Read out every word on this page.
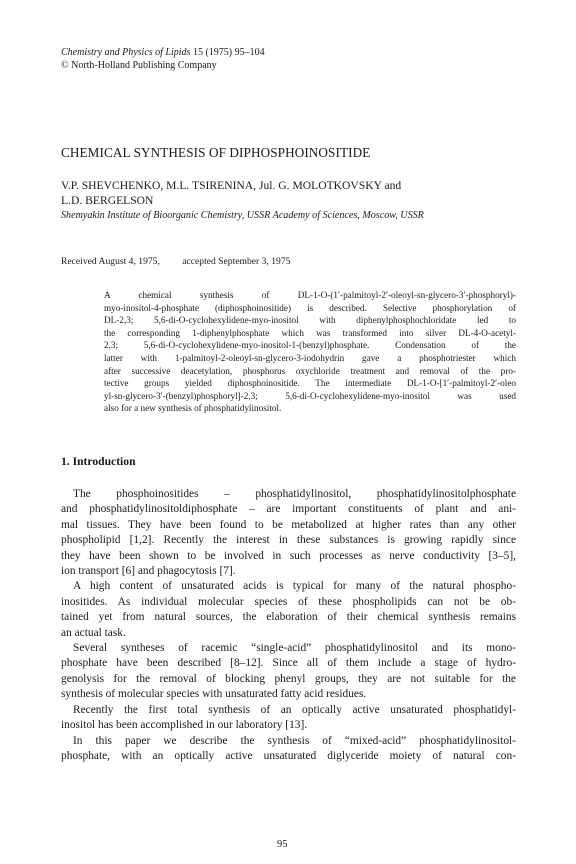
Chemistry and Physics of Lipids 15 (1975) 95–104
© North-Holland Publishing Company
CHEMICAL SYNTHESIS OF DIPHOSPHOINOSITIDE
V.P. SHEVCHENKO, M.L. TSIRENINA, Jul. G. MOLOTKOVSKY and
L.D. BERGELSON
Shemyakin Institute of Bioorganic Chemistry, USSR Academy of Sciences, Moscow, USSR
Received August 4, 1975, accepted September 3, 1975
A chemical synthesis of DL-1-O-(1′-palmitoyl-2′-oleoyl-sn-glycero-3′-phosphoryl)-
myo-inositol-4-phosphate (diphosphoinositide) is described. Selective phosphorylation of
DL-2,3; 5,6-di-O-cyclohexylidene-myo-inositol with diphenylphosphochloridate led to
the corresponding 1-diphenylphosphate which was transformed into silver DL-4-O-acetyl-
2,3; 5,6-di-O-cyclohexylidene-myo-inositol-1-(benzyl)phosphate. Condensation of the
latter with 1-palmitoyl-2-oleoyl-sn-glycero-3-iodohydrin gave a phosphotriester which
after successive deacetylation, phosphorus oxychloride treatment and removal of the pro-
tective groups yielded diphosphoinositide. The intermediate DL-1-O-[1′-palmitoyl-2′-oleo
yl-sn-glycero-3′-(benzyl)phosphoryl]-2,3; 5,6-di-O-cyclohexylidene-myo-inositol was used
also for a new synthesis of phosphatidylinositol.
1. Introduction
The phosphoinositides – phosphatidylinositol, phosphatidylinositolphosphate
and phosphatidylinositoldiphosphate – are important constituents of plant and ani-
mal tissues. They have been found to be metabolized at higher rates than any other
phospholipid [1,2]. Recently the interest in these substances is growing rapidly since
they have been shown to be involved in such processes as nerve conductivity [3–5],
ion transport [6] and phagocytosis [7].
A high content of unsaturated acids is typical for many of the natural phospho-
inositides. As individual molecular species of these phospholipids can not be ob-
tained yet from natural sources, the elaboration of their chemical synthesis remains
an actual task.
Several syntheses of racemic “single-acid” phosphatidylinositol and its mono-
phosphate have been described [8–12]. Since all of them include a stage of hydro-
genolysis for the removal of blocking phenyl groups, they are not suitable for the
synthesis of molecular species with unsaturated fatty acid residues.
Recently the first total synthesis of an optically active unsaturated phosphatidyl-
inositol has been accomplished in our laboratory [13].
In this paper we describe the synthesis of “mixed-acid” phosphatidylinositol-
phosphate, with an optically active unsaturated diglyceride moiety of natural con-
95
